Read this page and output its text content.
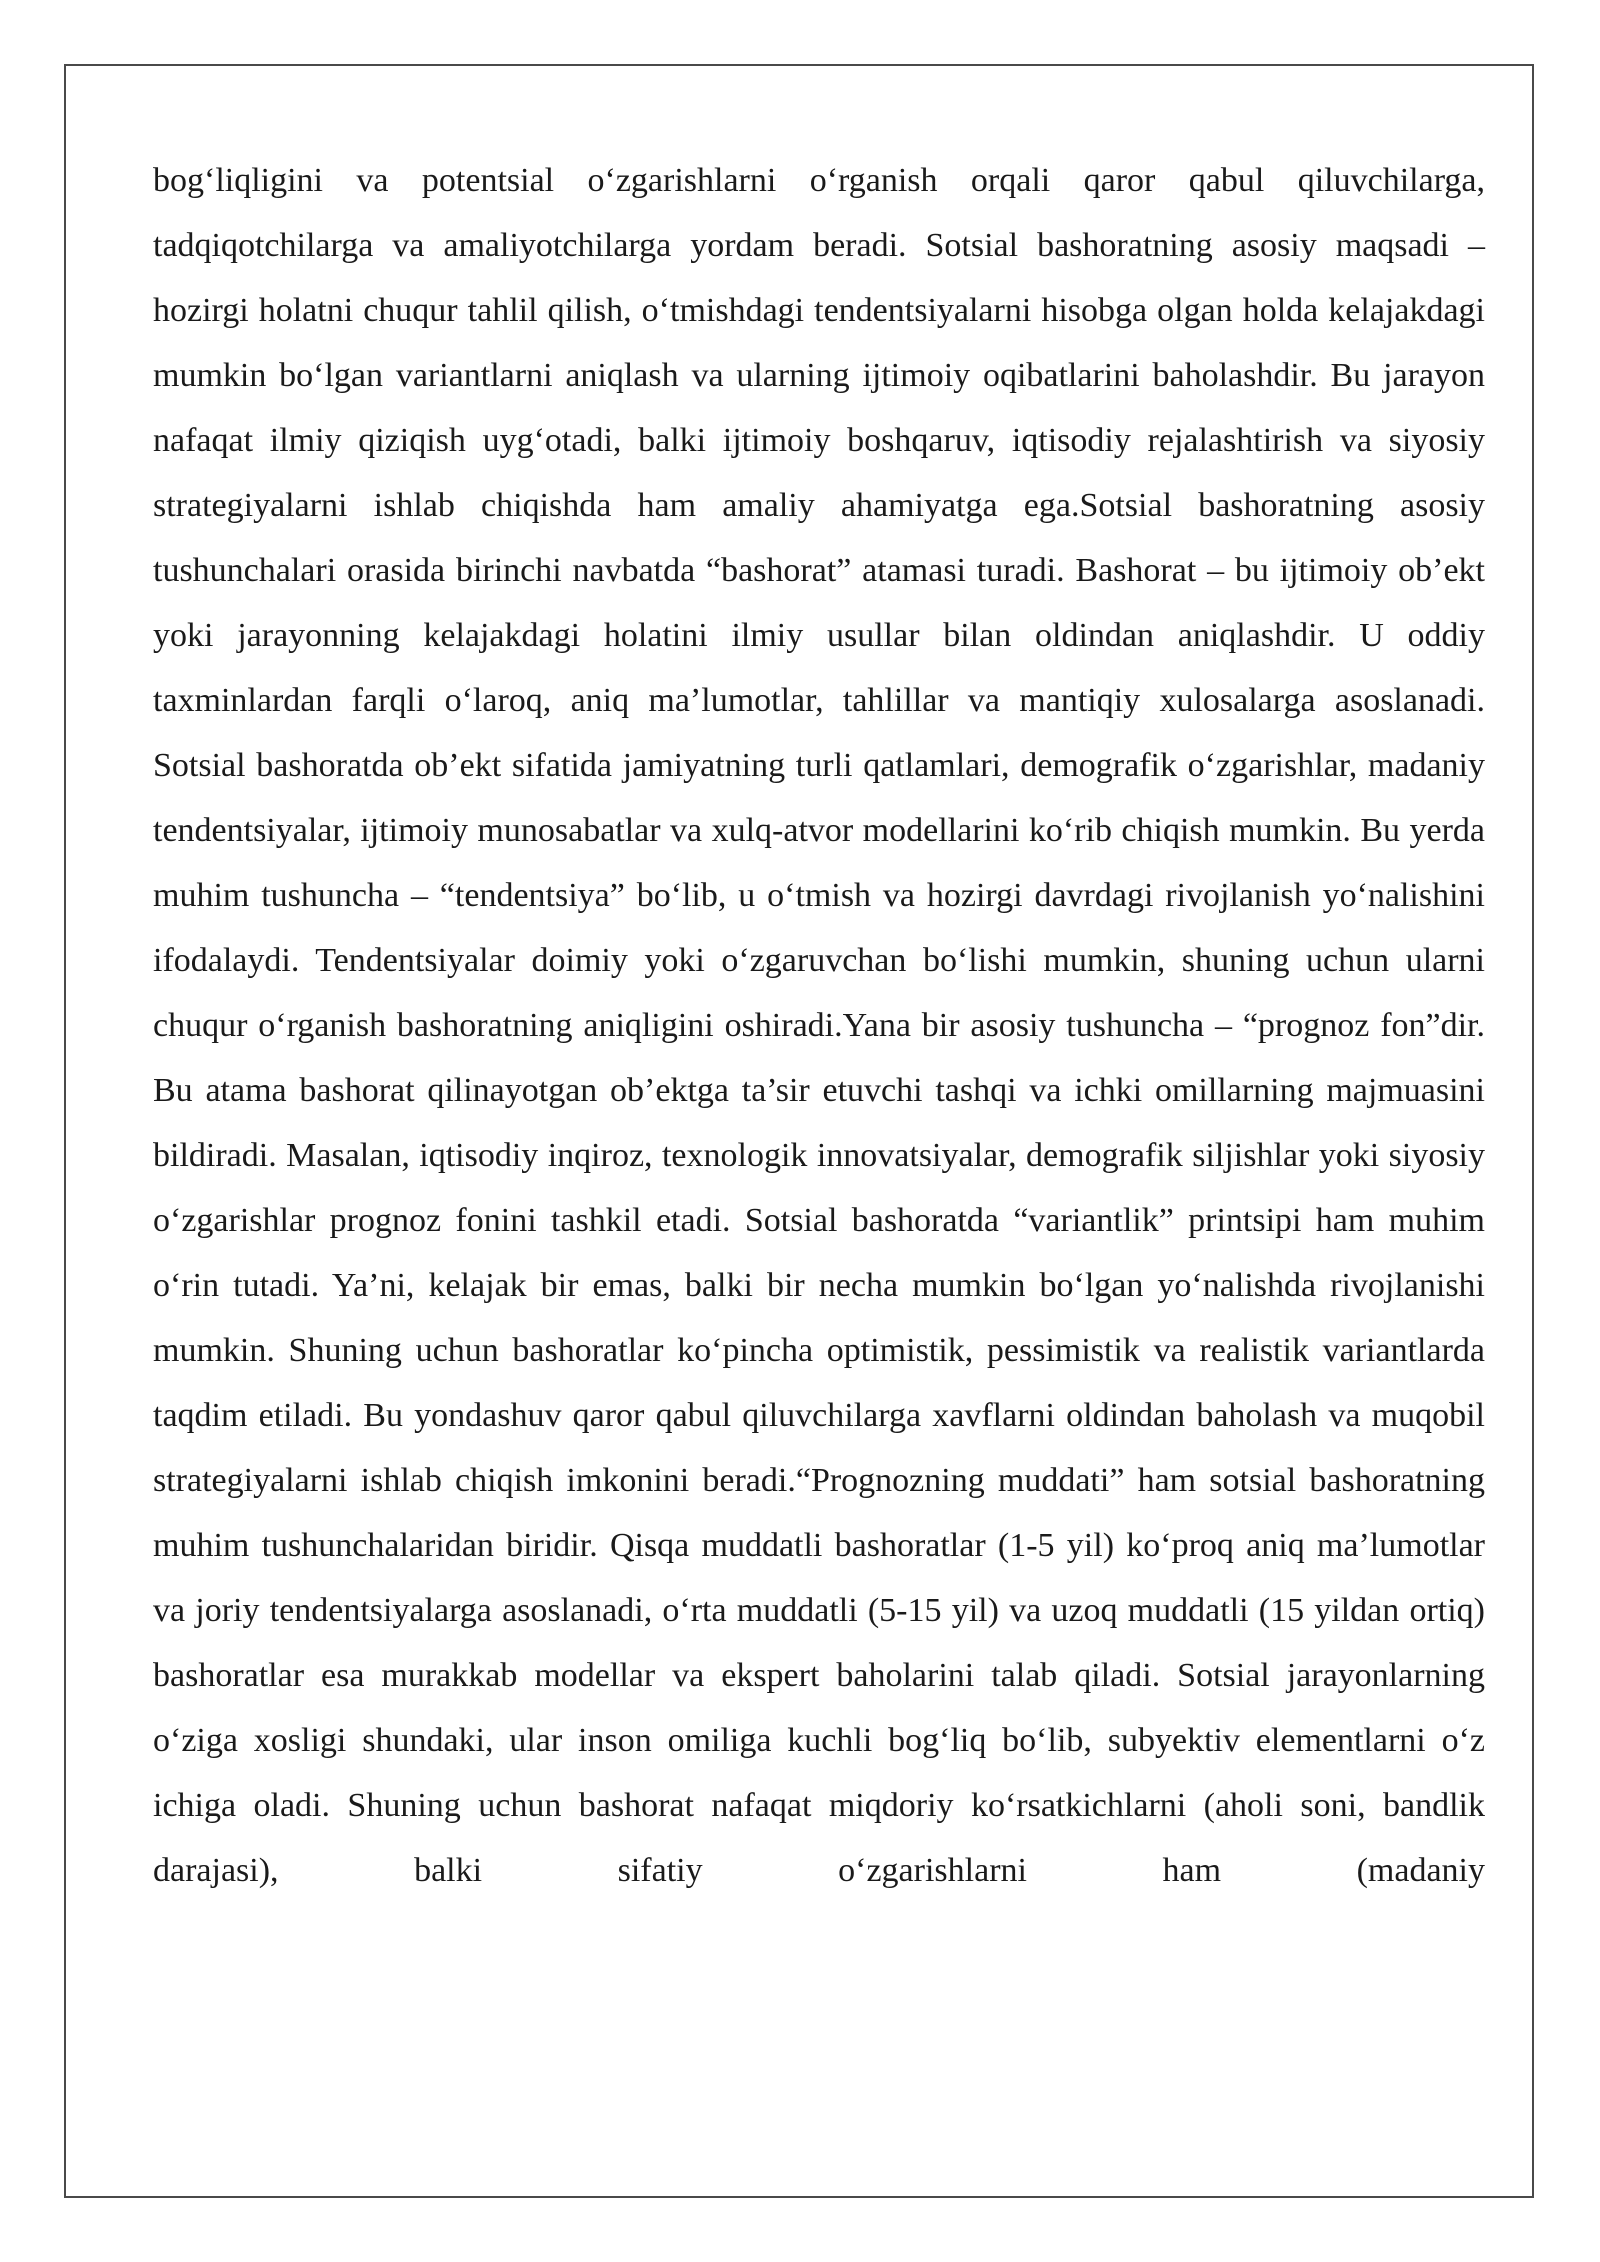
bog‘liqligini va potentsial o‘zgarishlarni o‘rganish orqali qaror qabul qiluvchilarga, tadqiqotchilarga va amaliyotchilarga yordam beradi. Sotsial bashoratning asosiy maqsadi – hozirgi holatni chuqur tahlil qilish, o‘tmishdagi tendentsiyalarni hisobga olgan holda kelajakdagi mumkin bo‘lgan variantlarni aniqlash va ularning ijtimoiy oqibatlarini baholashdir. Bu jarayon nafaqat ilmiy qiziqish uyg‘otadi, balki ijtimoiy boshqaruv, iqtisodiy rejalashtirish va siyosiy strategiyalarni ishlab chiqishda ham amaliy ahamiyatga ega.Sotsial bashoratning asosiy tushunchalari orasida birinchi navbatda “bashorat” atamasi turadi. Bashorat – bu ijtimoiy ob’ekt yoki jarayonning kelajakdagi holatini ilmiy usullar bilan oldindan aniqlashdir. U oddiy taxminlardan farqli o‘laroq, aniq ma’lumotlar, tahlillar va mantiqiy xulosalarga asoslanadi. Sotsial bashoratda ob’ekt sifatida jamiyatning turli qatlamlari, demografik o‘zgarishlar, madaniy tendentsiyalar, ijtimoiy munosabatlar va xulq-atvor modellarini ko‘rib chiqish mumkin. Bu yerda muhim tushuncha – “tendentsiya” bo‘lib, u o‘tmish va hozirgi davrdagi rivojlanish yo‘nalishini ifodalaydi. Tendentsiyalar doimiy yoki o‘zgaruvchan bo‘lishi mumkin, shuning uchun ularni chuqur o‘rganish bashoratning aniqligini oshiradi.Yana bir asosiy tushuncha – “prognoz fon”dir. Bu atama bashorat qilinayotgan ob’ektga ta’sir etuvchi tashqi va ichki omillarning majmuasini bildiradi. Masalan, iqtisodiy inqiroz, texnologik innovatsiyalar, demografik siljishlar yoki siyosiy o‘zgarishlar prognoz fonini tashkil etadi. Sotsial bashoratda “variantlik” printsipi ham muhim o‘rin tutadi. Ya’ni, kelajak bir emas, balki bir necha mumkin bo‘lgan yo‘nalishda rivojlanishi mumkin. Shuning uchun bashoratlar ko‘pincha optimistik, pessimistik va realistik variantlarda taqdim etiladi. Bu yondashuv qaror qabul qiluvchilarga xavflarni oldindan baholash va muqobil strategiyalarni ishlab chiqish imkonini beradi.“Prognozning muddati” ham sotsial bashoratning muhim tushunchalaridan biridir. Qisqa muddatli bashoratlar (1-5 yil) ko‘proq aniq ma’lumotlar va joriy tendentsiyalarga asoslanadi, o‘rta muddatli (5-15 yil) va uzoq muddatli (15 yildan ortiq) bashoratlar esa murakkab modellar va ekspert baholarini talab qiladi. Sotsial jarayonlarning o‘ziga xosligi shundaki, ular inson omiliga kuchli bog‘liq bo‘lib, subyektiv elementlarni o‘z ichiga oladi. Shuning uchun bashorat nafaqat miqdoriy ko‘rsatkichlarni (aholi soni, bandlik darajasi), balki sifatiy o‘zgarishlarni ham (madaniy
